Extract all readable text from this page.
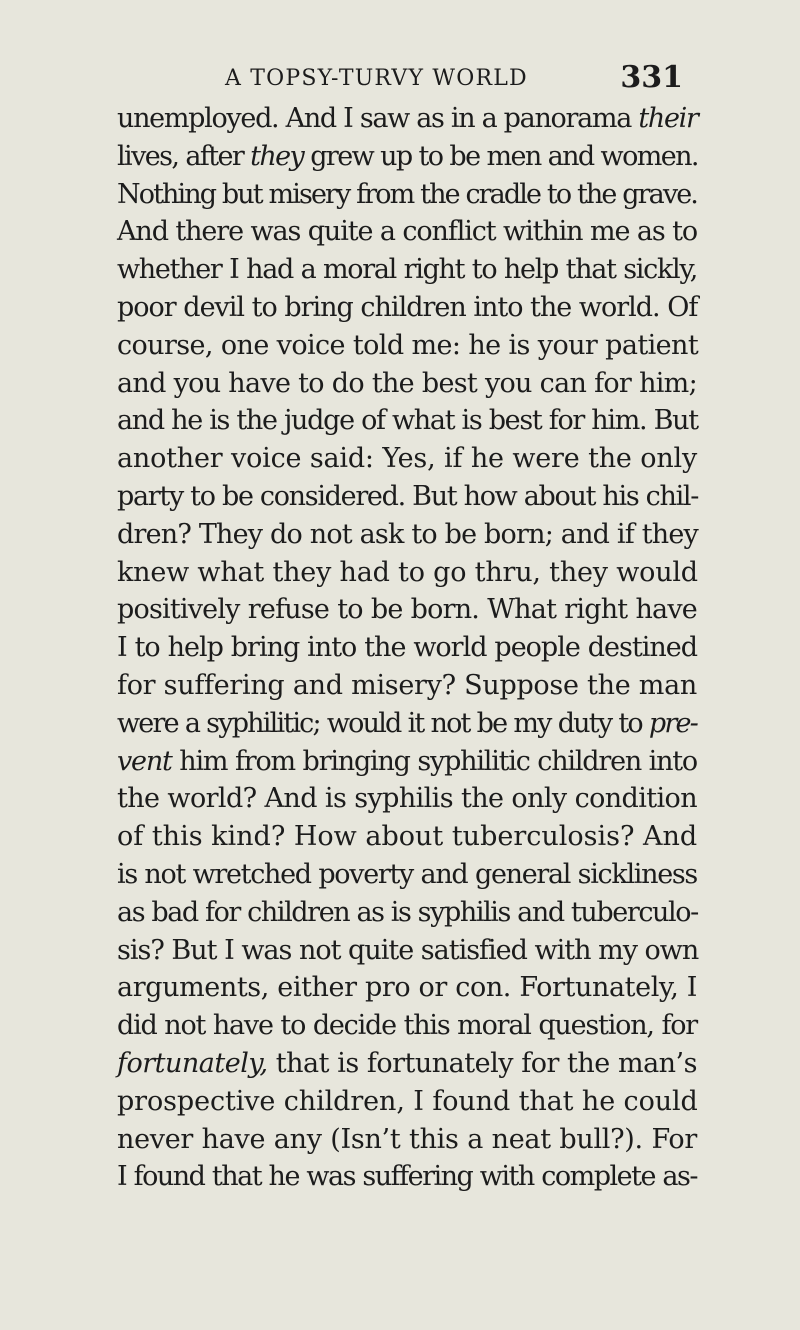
A TOPSY-TURVY WORLD	331
unemployed. And I saw as in a panorama their
lives, after they grew up to be men and women.
Nothing but misery from the cradle to the grave.
And there was quite a conflict within me as to
whether I had a moral right to help that sickly,
poor devil to bring children into the world. Of
course, one voice told me: he is your patient
and you have to do the best you can for him;
and he is the judge of what is best for him. But
another voice said: Yes, if he were the only
party to be considered. But how about his chil-
dren? They do not ask to be born; and if they
knew what they had to go thru, they would
positively refuse to be born. What right have
I to help bring into the world people destined
for suffering and misery? Suppose the man
were a syphilitic; would it not be my duty to pre-
vent him from bringing syphilitic children into
the world? And is syphilis the only condition
of this kind? How about tuberculosis? And
is not wretched poverty and general sickliness
as bad for children as is syphilis and tuberculo-
sis? But I was not quite satisfied with my own
arguments, either pro or con. Fortunately, I
did not have to decide this moral question, for
fortunately, that is fortunately for the man’s
prospective children, I found that he could
never have any (Isn’t this a neat bull?). For
I found that he was suffering with complete as-
